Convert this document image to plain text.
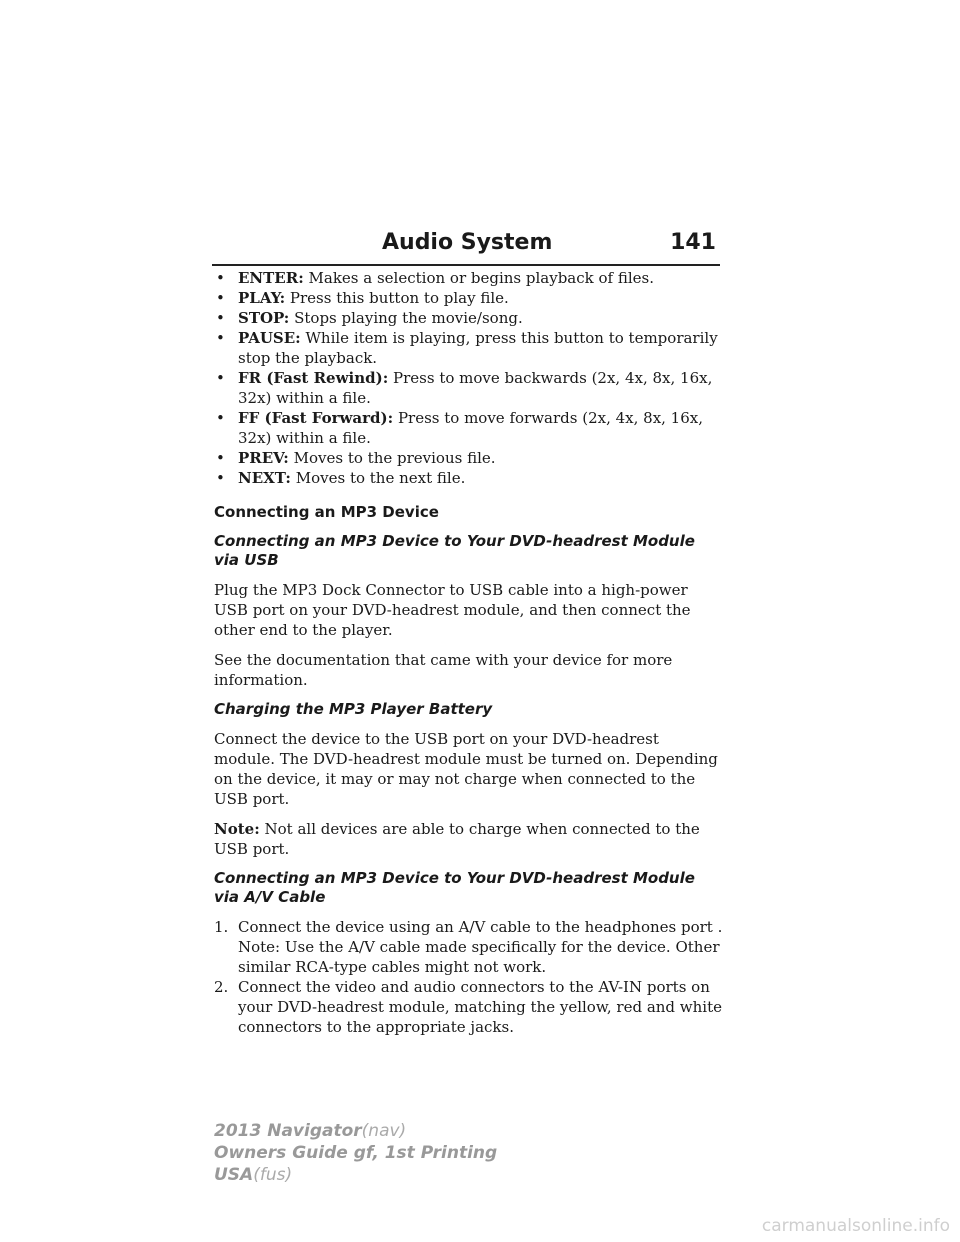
Audio System	141
• ENTER: Makes a selection or begins playback of files.
• PLAY: Press this button to play file.
• STOP: Stops playing the movie/song.
• PAUSE: While item is playing, press this button to temporarily stop the playback.
• FR (Fast Rewind): Press to move backwards (2x, 4x, 8x, 16x, 32x) within a file.
• FF (Fast Forward): Press to move forwards (2x, 4x, 8x, 16x, 32x) within a file.
• PREV: Moves to the previous file.
• NEXT: Moves to the next file.
Connecting an MP3 Device
Connecting an MP3 Device to Your DVD-headrest Module via USB

Plug the MP3 Dock Connector to USB cable into a high-power USB port on your DVD-headrest module, and then connect the other end to the player.

See the documentation that came with your device for more information.

Charging the MP3 Player Battery

Connect the device to the USB port on your DVD-headrest module. The DVD-headrest module must be turned on. Depending on the device, it may or may not charge when connected to the USB port.

Note: Not all devices are able to charge when connected to the USB port.

Connecting an MP3 Device to Your DVD-headrest Module via A/V Cable
1. Connect the device using an A/V cable to the headphones port . Note: Use the A/V cable made specifically for the device. Other similar RCA-type cables might not work.
2. Connect the video and audio connectors to the AV-IN ports on your DVD-headrest module, matching the yellow, red and white connectors to the appropriate jacks.
2013 Navigator(nav)
Owners Guide gf, 1st Printing
USA(fus)
carmanualsonline.info
